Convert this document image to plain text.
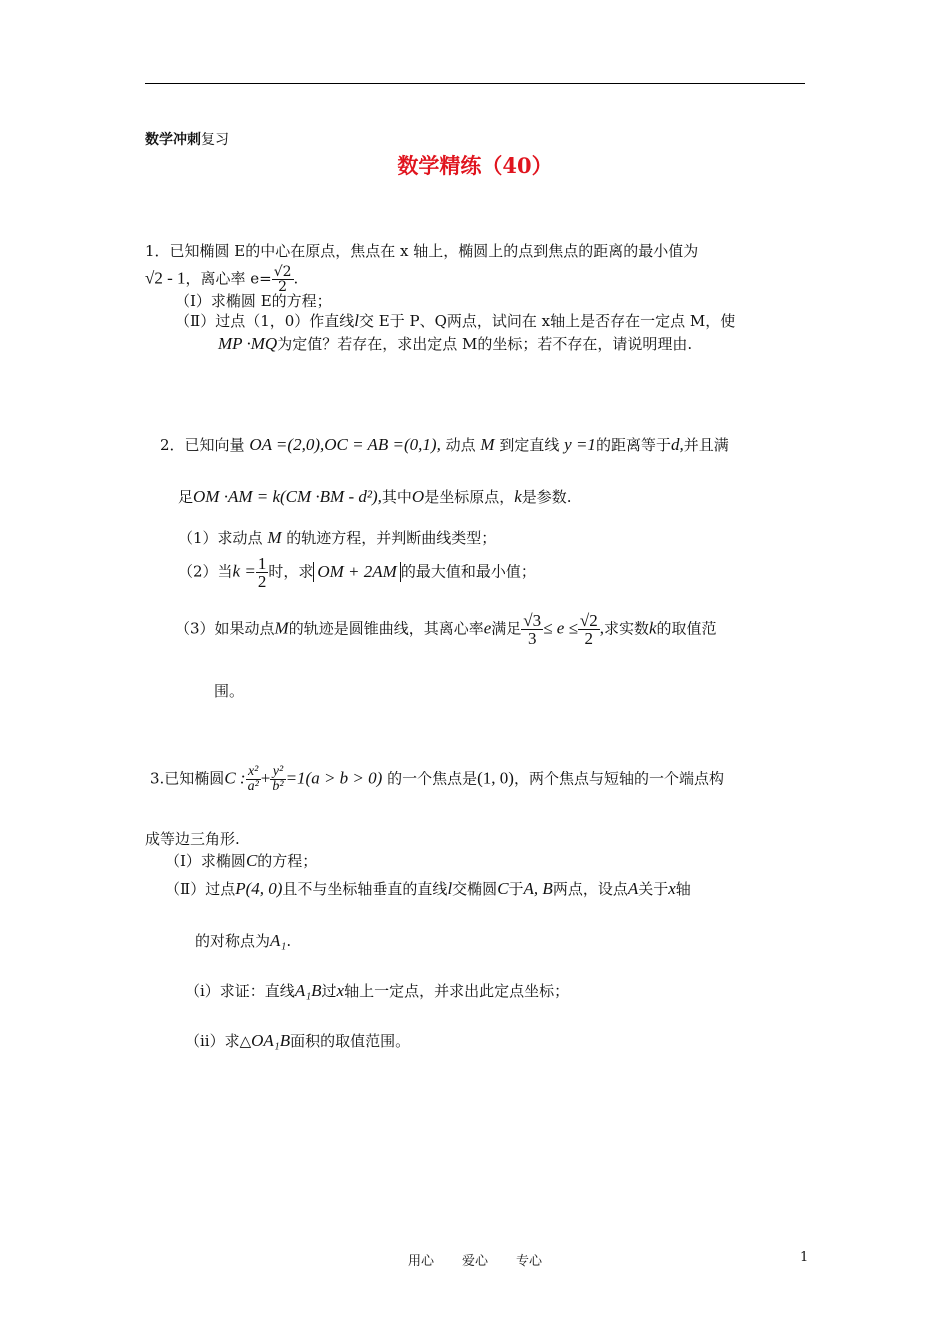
数学冲刺复习
数学精练（40）
1．已知椭圆 E的中心在原点，焦点在 x 轴上，椭圆上的点到焦点的距离的最小值为
√2 - 1，离心率 $e= \frac{√2}{2}$ .
（Ⅰ）求椭圆 E的方程；
（Ⅱ）过点（1，0）作直线l交 E于 P、Q两点，试问在 x轴上是否存在一定点 M，使
MP ·MQ为定值？若存在，求出定点 M的坐标；若不存在，请说明理由.
2．已知向量 OA =(2,0),OC = AB =(0,1), 动点 M 到定直线 y =1的距离等于d,并且满
足OM ·AM = k(CM ·BM - d²),其中O是坐标原点，k是参数.
（1）求动点 M 的轨迹方程，并判断曲线类型；
（2）当$k = \frac{1}{2}$ 时，求 OM + 2AM 的最大值和最小值；
（3）如果动点M的轨迹是圆锥曲线，其离心率e满足 $\frac{√3}{3} \le e \le \frac{√2}{2}$ ,求实数k的取值范
围。
3.已知椭圆C : $\frac{\text{x²}}{\text{a²}} + \frac{\text{y²}}{\text{b²}} =1(a > b > 0)$ 的一个焦点是(1, 0)，两个焦点与短轴的一个端点构
成等边三角形.
（Ⅰ）求椭圆C的方程；
（Ⅱ）过点P(4, 0)且不与坐标轴垂直的直线l交椭圆C于A, B两点，设点A关于x轴
的对称点为A₁.
（i）求证：直线A₁B过x轴上一定点，并求出此定点坐标；
（ii）求△OA₁B面积的取值范围。
用心 爱心 专心	1
